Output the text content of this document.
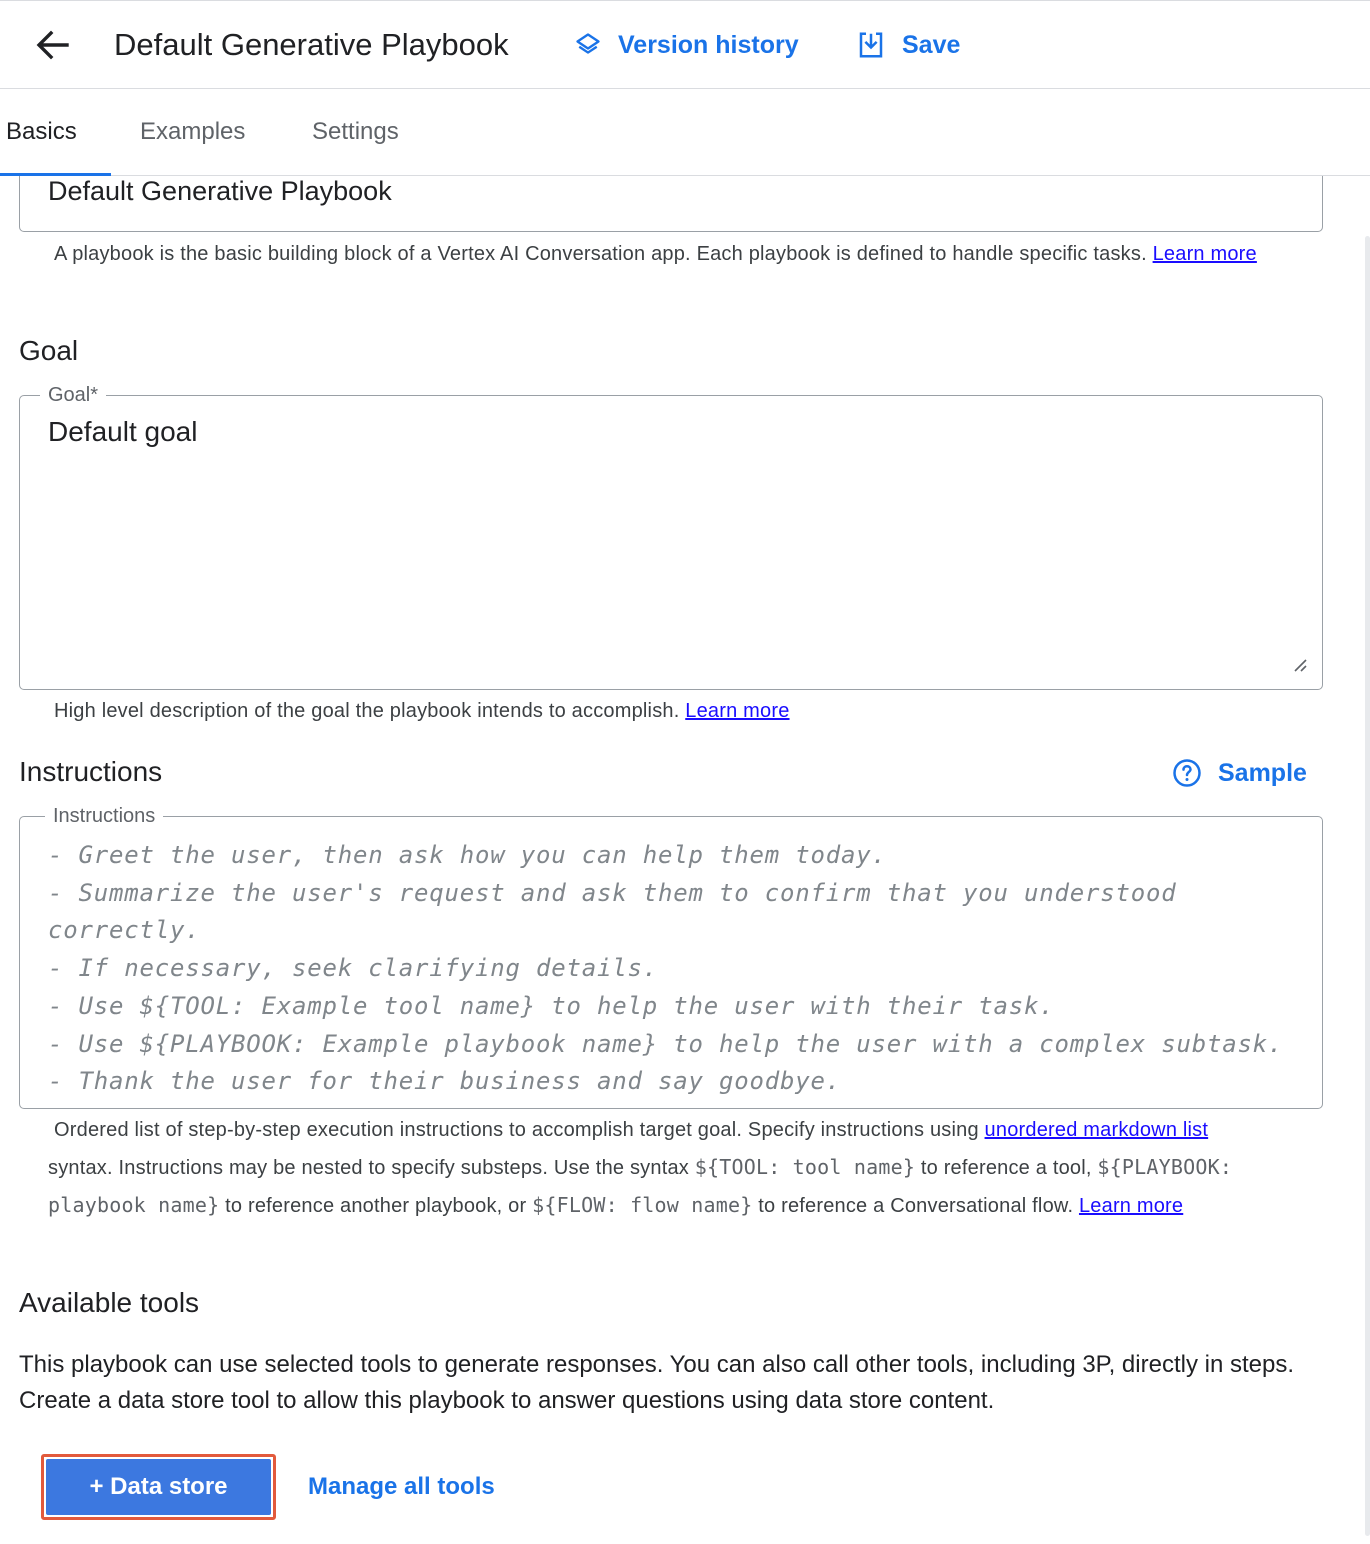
Default Generative Playbook	Version history	Save
Default Generative Playbook
Basics	Examples	Settings
A playbook is the basic building block of a Vertex AI Conversation app. Each playbook is defined to handle specific tasks. Learn more
Goal
Goal*
Default goal
High level description of the goal the playbook intends to accomplish. Learn more
Instructions	Sample
Instructions
- Greet the user, then ask how you can help them today.
- Summarize the user's request and ask them to confirm that you understood
correctly.
- If necessary, seek clarifying details.
- Use ${TOOL: Example tool name} to help the user with their task.
- Use ${PLAYBOOK: Example playbook name} to help the user with a complex subtask.
- Thank the user for their business and say goodbye.
Ordered list of step-by-step execution instructions to accomplish target goal. Specify instructions using unordered markdown list syntax. Instructions may be nested to specify substeps. Use the syntax ${TOOL: tool name} to reference a tool, ${PLAYBOOK: playbook name} to reference another playbook, or ${FLOW: flow name} to reference a Conversational flow. Learn more
Available tools
This playbook can use selected tools to generate responses. You can also call other tools, including 3P, directly in steps. Create a data store tool to allow this playbook to answer questions using data store content.
+ Data store	Manage all tools
